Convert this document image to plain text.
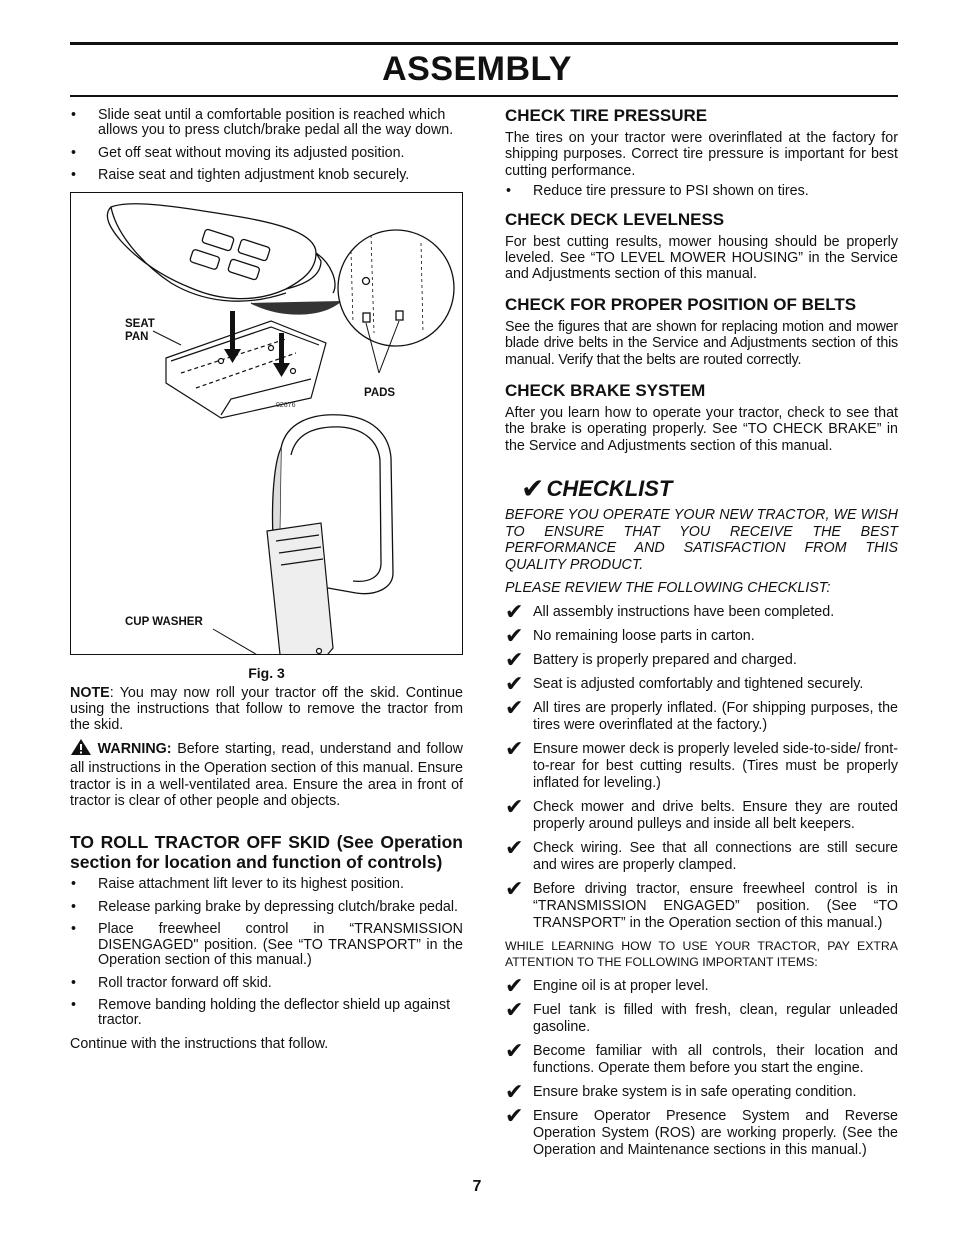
ASSEMBLY

• Slide seat until a comfortable position is reached which allows you to press clutch/brake pedal all the way down.

• Get off seat without moving its adjusted position.

• Raise seat and tighten adjustment knob securely.

02676
SEAT
PAN
PADS
CUP WASHER
Fig. 3

NOTE: You may now roll your tractor off the skid. Continue using the instructions that follow to remove the tractor from the skid.

WARNING: Before starting, read, understand and follow all instructions in the Operation section of this manual. Ensure tractor is in a well-ventilated area. Ensure the area in front of tractor is clear of other people and objects.

TO ROLL TRACTOR OFF SKID (See Operation section for location and function of controls)

• Raise attachment lift lever to its highest position.

• Release parking brake by depressing clutch/brake pedal.

• Place freewheel control in “TRANSMISSION DISENGAGED" position. (See “TO TRANSPORT” in the Operation section of this manual.)

• Roll tractor forward off skid.

• Remove banding holding the deflector shield up against tractor.

Continue with the instructions that follow.

CHECK TIRE PRESSURE

The tires on your tractor were overinflated at the factory for shipping purposes. Correct tire pressure is important for best cutting performance.

• Reduce tire pressure to PSI shown on tires.

CHECK DECK LEVELNESS

For best cutting results, mower housing should be properly leveled. See “TO LEVEL MOWER HOUSING” in the Service and Adjustments section of this manual.

CHECK FOR PROPER POSITION OF BELTS

See the figures that are shown for replacing motion and mower blade drive belts in the Service and Adjustments section of this manual. Verify that the belts are routed correctly.

CHECK BRAKE SYSTEM

After you learn how to operate your tractor, check to see that the brake is operating properly. See “TO CHECK BRAKE” in the Service and Adjustments section of this manual.

✔ CHECKLIST

BEFORE YOU OPERATE YOUR NEW TRACTOR, WE WISH TO ENSURE THAT YOU RECEIVE THE BEST PERFORMANCE AND SATISFACTION FROM THIS QUALITY PRODUCT.

PLEASE REVIEW THE FOLLOWING CHECKLIST:

✔ All assembly instructions have been completed.

✔ No remaining loose parts in carton.

✔ Battery is properly prepared and charged.

✔ Seat is adjusted comfortably and tightened securely.

✔ All tires are properly inflated. (For shipping purposes, the tires were overinflated at the factory.)

✔ Ensure mower deck is properly leveled side-to-side/ front-to-rear for best cutting results. (Tires must be properly inflated for leveling.)

✔ Check mower and drive belts. Ensure they are routed properly around pulleys and inside all belt keepers.

✔ Check wiring. See that all connections are still secure and wires are properly clamped.

✔ Before driving tractor, ensure freewheel control is in “TRANSMISSION ENGAGED” position. (See “TO TRANSPORT” in the Operation section of this manual.)

WHILE LEARNING HOW TO USE YOUR TRACTOR, PAY EXTRA ATTENTION TO THE FOLLOWING IMPORTANT ITEMS:

✔ Engine oil is at proper level.

✔ Fuel tank is filled with fresh, clean, regular unleaded gasoline.

✔ Become familiar with all controls, their location and functions. Operate them before you start the engine.

✔ Ensure brake system is in safe operating condition.

✔ Ensure Operator Presence System and Reverse Operation System (ROS) are working properly. (See the Operation and Maintenance sections in this manual.)

7
